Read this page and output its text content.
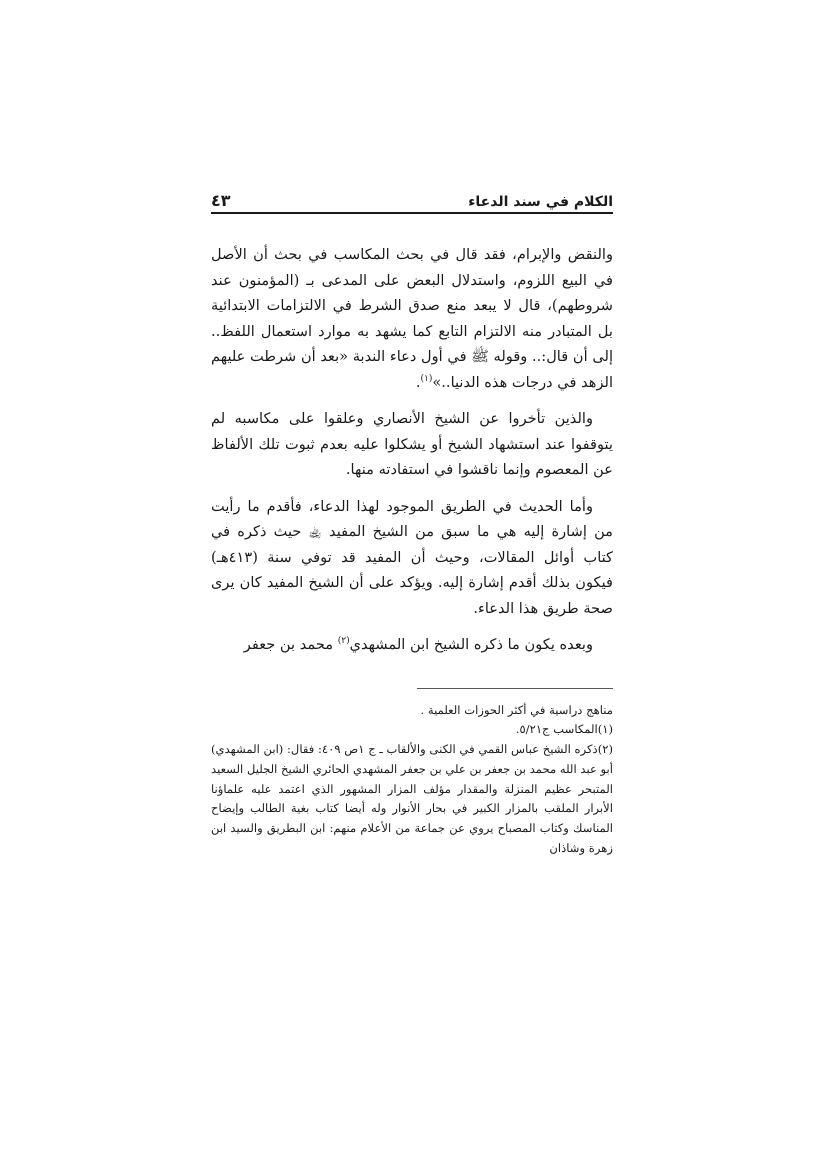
الكلام في سند الدعاء
٤٣

والنقض والإبرام، فقد قال في بحث المكاسب في بحث أن الأصل في البيع اللزوم، واستدلال البعض على المدعى بـ (المؤمنون عند شروطهم)، قال لا يبعد منع صدق الشرط في الالتزامات الابتدائية بل المتبادر منه الالتزام التابع كما يشهد به موارد استعمال اللفظ.. إلى أن قال:.. وقوله ﷺ في أول دعاء الندبة «بعد أن شرطت عليهم الزهد في درجات هذه الدنيا..»$^{(١)}$.

والذين تأخروا عن الشيخ الأنصاري وعلقوا على مكاسبه لم يتوقفوا عند استشهاد الشيخ أو يشكلوا عليه بعدم ثبوت تلك الألفاظ عن المعصوم وإنما ناقشوا في استفادته منها.

وأما الحديث في الطريق الموجود لهذا الدعاء، فأقدم ما رأيت من إشارة إليه هي ما سبق من الشيخ المفيد ﵀ حيث ذكره في كتاب أوائل المقالات، وحيث أن المفيد قد توفي سنة (٤١٣هـ) فيكون بذلك أقدم إشارة إليه. ويؤكد على أن الشيخ المفيد كان يرى صحة طريق هذا الدعاء.

وبعده يكون ما ذكره الشيخ ابن المشهدي$^{(٢)}$ محمد بن جعفر

مناهج دراسية في أكثر الحوزات العلمية .

(١)المكاسب ج٥/٢١.

(٢)ذكره الشيخ عباس القمي في الكنى والألقاب ـ ج ١ص ٤٠٩: فقال: (ابن المشهدي) أبو عبد الله محمد بن جعفر بن علي بن جعفر المشهدي الحائري الشيخ الجليل السعيد المتبحر عظيم المنزلة والمقدار مؤلف المزار المشهور الذي اعتمد عليه علماؤنا الأبرار الملقب بالمزار الكبير في بحار الأنوار وله أيضا كتاب بغية الطالب وإيضاح المناسك وكتاب المصباح يروي عن جماعة من الأعلام منهم: ابن البطريق والسيد ابن زهرة وشاذان
